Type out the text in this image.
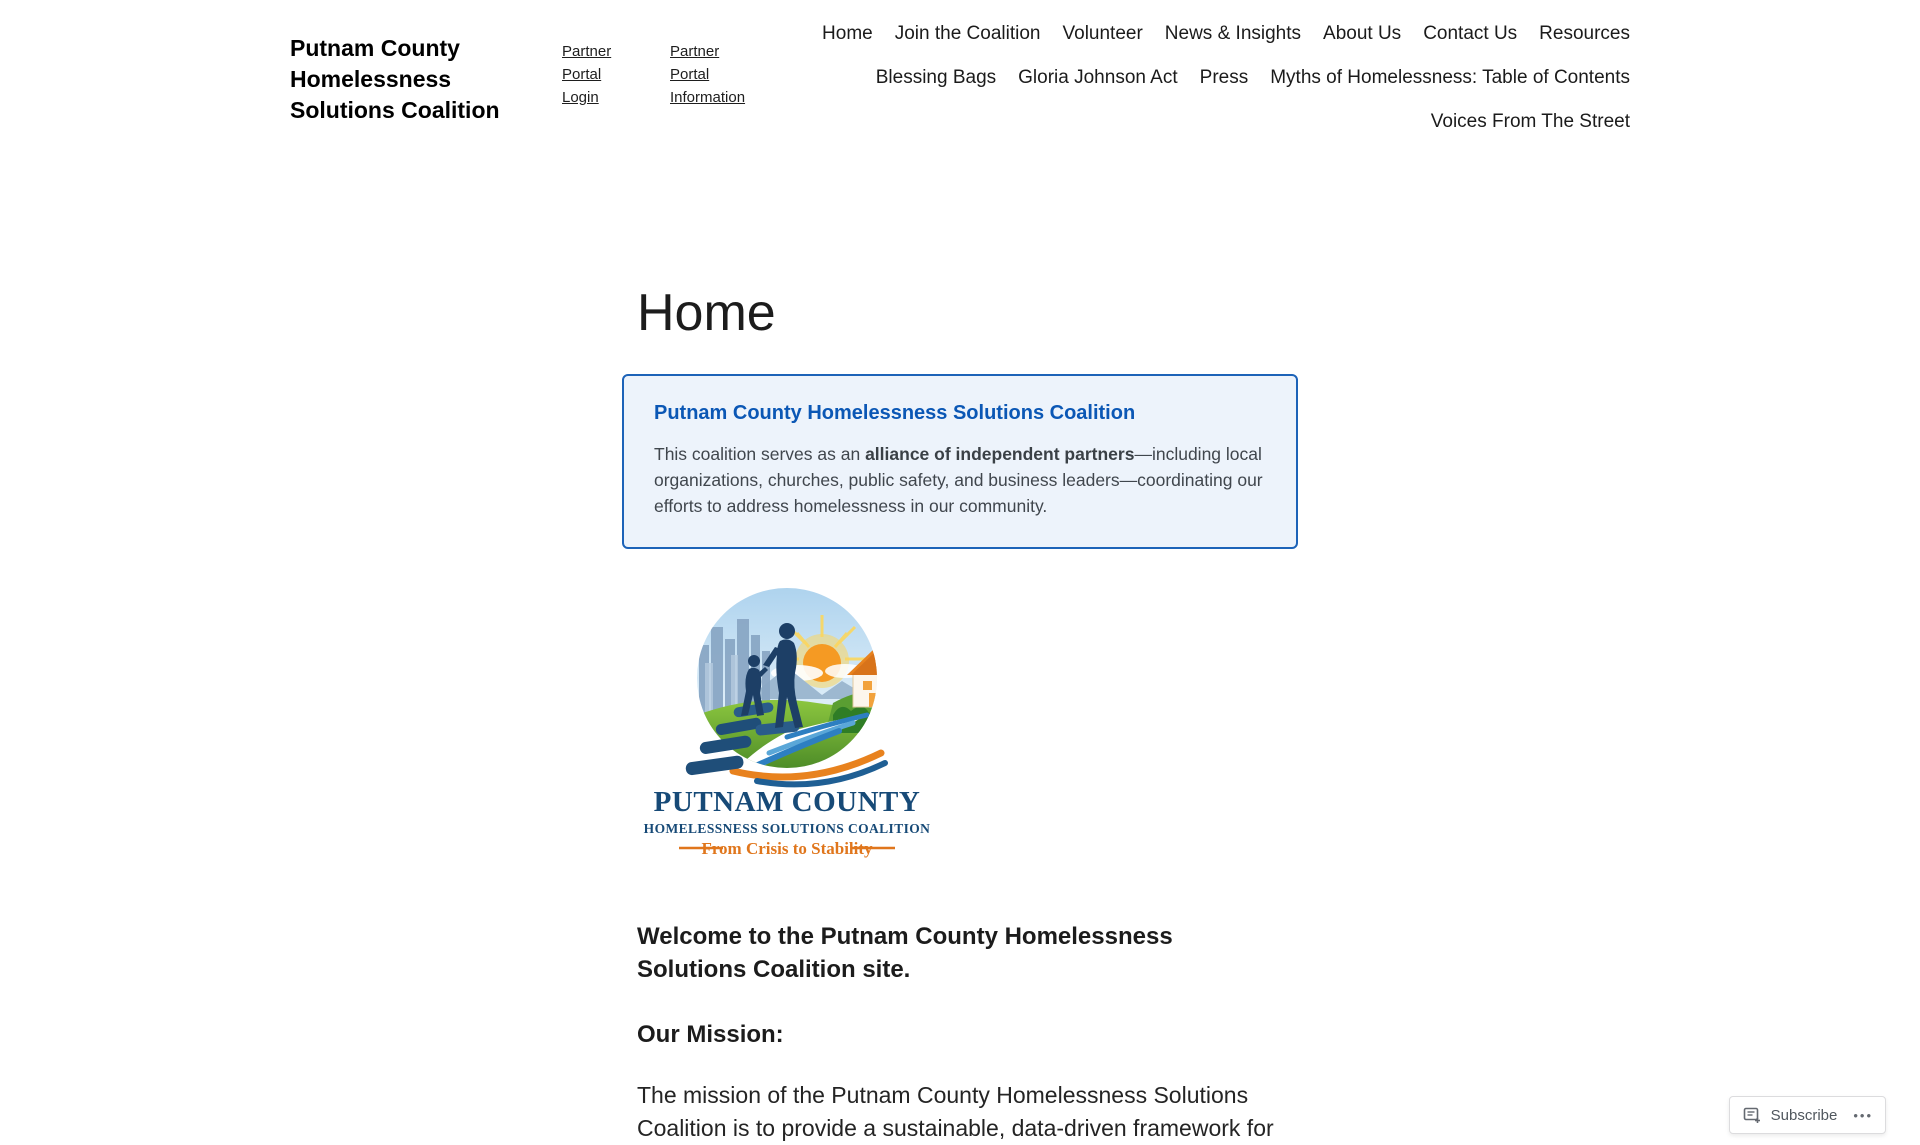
Putnam County Homelessness Solutions Coalition
Partner Portal Login
Partner Portal Information
Home Join the Coalition Volunteer News & Insights About Us Contact Us Resources
Blessing Bags Gloria Johnson Act Press Myths of Homelessness: Table of Contents
Voices From The Street
Home
Putnam County Homelessness Solutions Coalition
This coalition serves as an alliance of independent partners—including local organizations, churches, public safety, and business leaders—coordinating our efforts to address homelessness in our community.
PUTNAM COUNTY
HOMELESSNESS SOLUTIONS COALITION
From Crisis to Stability
Welcome to the Putnam County Homelessness Solutions Coalition site.
Our Mission:

The mission of the Putnam County Homelessness Solutions Coalition is to provide a sustainable, data-driven framework for	Subscribe •••
